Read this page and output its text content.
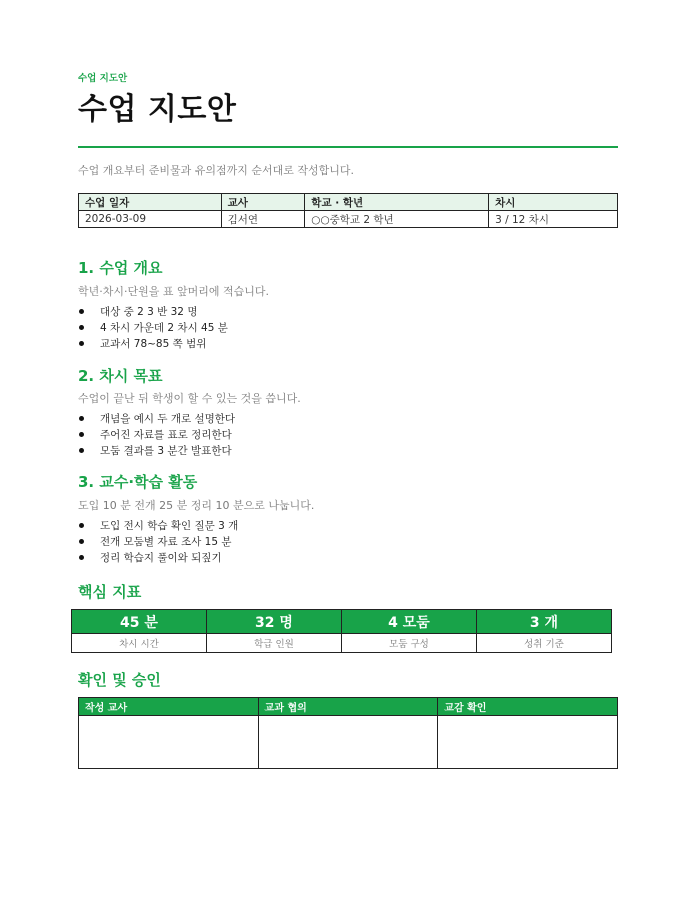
수업 지도안
수업 지도안
수업 개요부터 준비물과 유의점까지 순서대로 작성합니다.
수업 일자	교사	학교 · 학년	차시
2026-03-09	김서연	○○중학교 2 학년	3 / 12 차시
1. 수업 개요
학년·차시·단원을 표 앞머리에 적습니다.
대상 중 2 3 반 32 명
4 차시 가운데 2 차시 45 분
교과서 78~85 쪽 범위
2. 차시 목표
수업이 끝난 뒤 학생이 할 수 있는 것을 씁니다.
개념을 예시 두 개로 설명한다
주어진 자료를 표로 정리한다
모둠 결과를 3 분간 발표한다
3. 교수·학습 활동
도입 10 분 전개 25 분 정리 10 분으로 나눕니다.
도입 전시 학습 확인 질문 3 개
전개 모둠별 자료 조사 15 분
정리 학습지 풀이와 되짚기
핵심 지표
45 분	32 명	4 모둠	3 개
차시 시간	학급 인원	모둠 구성	성취 기준
확인 및 승인
작성 교사	교과 협의	교감 확인
